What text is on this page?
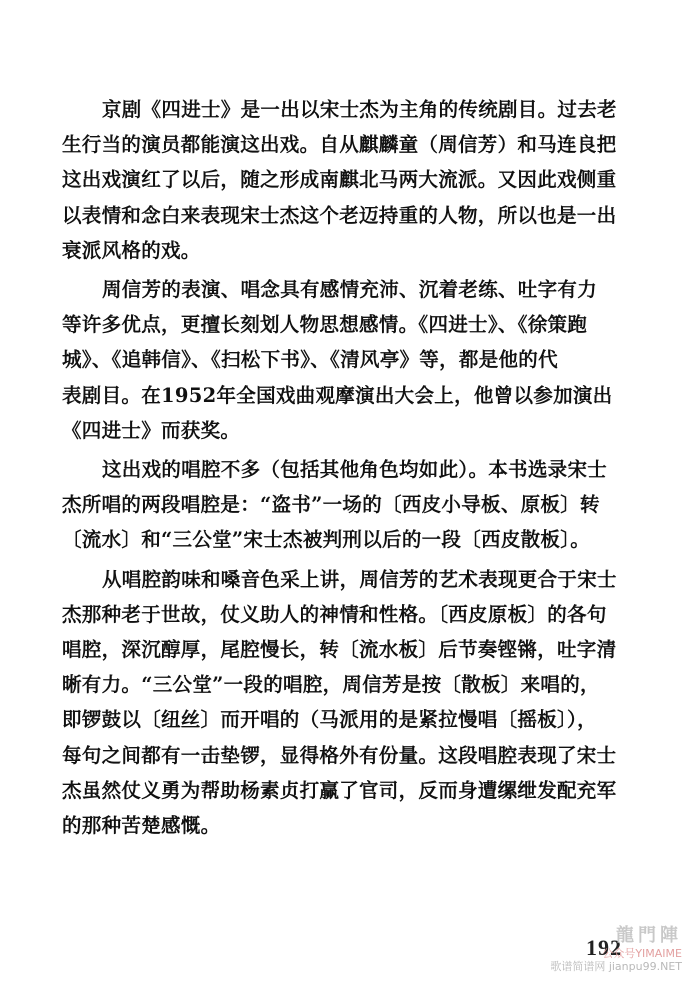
京剧《四进士》是一出以宋士杰为主角的传统剧目。过去老
生行当的演员都能演这出戏。自从麒麟童（周信芳）和马连良把
这出戏演红了以后，随之形成南麒北马两大流派。又因此戏侧重
以表情和念白来表现宋士杰这个老迈持重的人物，所以也是一出
衰派风格的戏。

周信芳的表演、唱念具有感情充沛、沉着老练、吐字有力
等许多优点，更擅长刻划人物思想感情。《四进士》、《徐策跑
城》、《追韩信》、《扫松下书》、《清风亭》等，都是他的代
表剧目。在1952年全国戏曲观摩演出大会上，他曾以参加演出
《四进士》而获奖。

这出戏的唱腔不多（包括其他角色均如此）。本书选录宋士
杰所唱的两段唱腔是：“盗书”一场的〔西皮小导板、原板〕转
〔流水〕和“三公堂”宋士杰被判刑以后的一段〔西皮散板〕。

从唱腔韵味和嗓音色采上讲，周信芳的艺术表现更合于宋士
杰那种老于世故，仗义助人的神情和性格。〔西皮原板〕的各句
唱腔，深沉醇厚，尾腔慢长，转〔流水板〕后节奏铿锵，吐字清
晰有力。“三公堂”一段的唱腔，周信芳是按〔散板〕来唱的，
即锣鼓以〔纽丝〕而开唱的（马派用的是紧拉慢唱〔摇板〕），
每句之间都有一击垫锣，显得格外有份量。这段唱腔表现了宋士
杰虽然仗义勇为帮助杨素贞打赢了官司，反而身遭缧绁发配充军
的那种苦楚感慨。

192
龍門陣
公众号YIMAIME
歌谱简谱网 jianpu99.NET
